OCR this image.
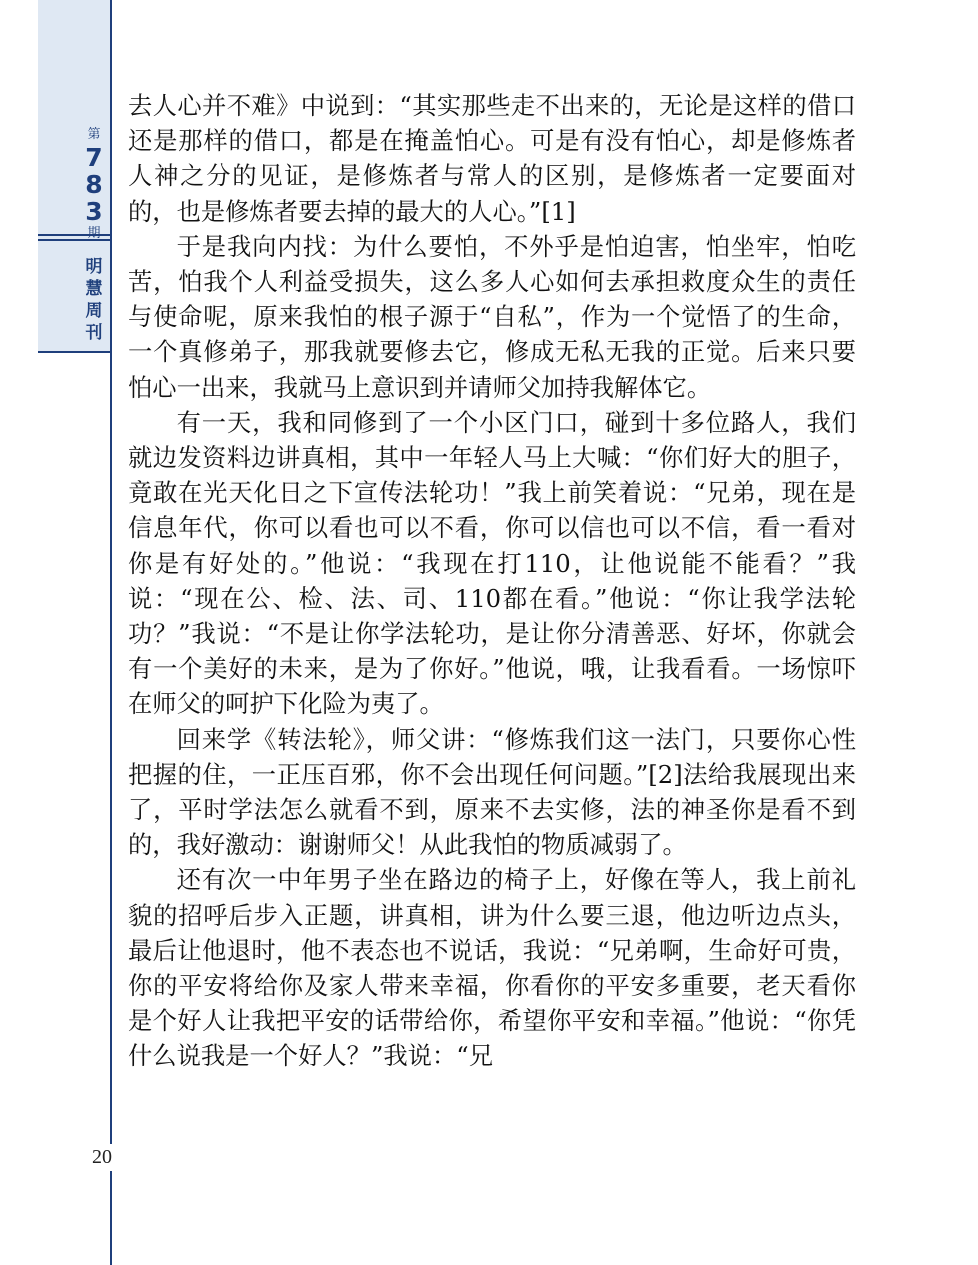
第
7
8
3
期
明
慧
周
刊
20

去人心并不难》中说到：“其实那些走不出来的，无论是这样的借口还是那样的借口，都是在掩盖怕心。可是有没有怕心，却是修炼者人神之分的见证，是修炼者与常人的区别，是修炼者一定要面对的，也是修炼者要去掉的最大的人心。”[1]

于是我向内找：为什么要怕，不外乎是怕迫害，怕坐牢，怕吃苦，怕我个人利益受损失，这么多人心如何去承担救度众生的责任与使命呢，原来我怕的根子源于“自私”，作为一个觉悟了的生命，一个真修弟子，那我就要修去它，修成无私无我的正觉。后来只要怕心一出来，我就马上意识到并请师父加持我解体它。

有一天，我和同修到了一个小区门口，碰到十多位路人，我们就边发资料边讲真相，其中一年轻人马上大喊：“你们好大的胆子，竟敢在光天化日之下宣传法轮功！”我上前笑着说：“兄弟，现在是信息年代，你可以看也可以不看，你可以信也可以不信，看一看对你是有好处的。”他说：“我现在打110，让他说能不能看？”我说：“现在公、检、法、司、110都在看。”他说：“你让我学法轮功？”我说：“不是让你学法轮功，是让你分清善恶、好坏，你就会有一个美好的未来，是为了你好。”他说，哦，让我看看。一场惊吓在师父的呵护下化险为夷了。

回来学《转法轮》，师父讲：“修炼我们这一法门，只要你心性把握的住，一正压百邪，你不会出现任何问题。”[2]法给我展现出来了，平时学法怎么就看不到，原来不去实修，法的神圣你是看不到的，我好激动：谢谢师父！从此我怕的物质减弱了。

还有次一中年男子坐在路边的椅子上，好像在等人，我上前礼貌的招呼后步入正题，讲真相，讲为什么要三退，他边听边点头，最后让他退时，他不表态也不说话，我说：“兄弟啊，生命好可贵，你的平安将给你及家人带来幸福，你看你的平安多重要，老天看你是个好人让我把平安的话带给你，希望你平安和幸福。”他说：“你凭什么说我是一个好人？”我说：“兄
